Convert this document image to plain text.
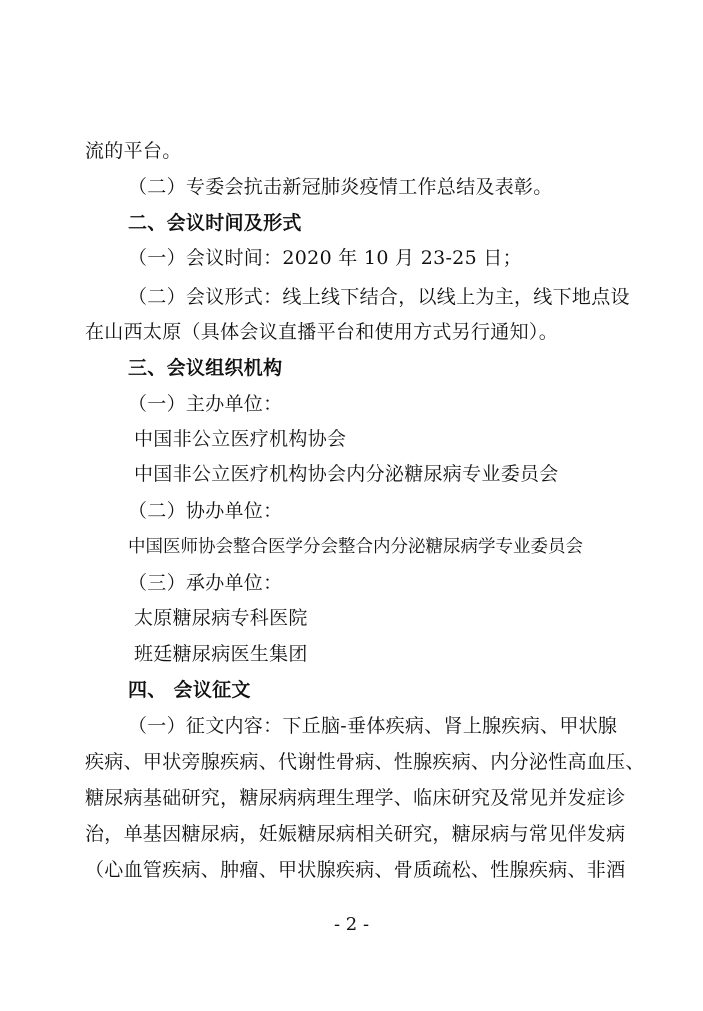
流的平台。
（二）专委会抗击新冠肺炎疫情工作总结及表彰。
二、会议时间及形式
（一）会议时间：2020 年 10 月 23-25 日；
（二）会议形式：线上线下结合，以线上为主，线下地点设
在山西太原（具体会议直播平台和使用方式另行通知）。
三、会议组织机构
（一）主办单位：
中国非公立医疗机构协会
中国非公立医疗机构协会内分泌糖尿病专业委员会
（二）协办单位：
中国医师协会整合医学分会整合内分泌糖尿病学专业委员会
（三）承办单位：
太原糖尿病专科医院
班廷糖尿病医生集团
四、 会议征文
（一）征文内容：下丘脑-垂体疾病、肾上腺疾病、甲状腺
疾病、甲状旁腺疾病、代谢性骨病、性腺疾病、内分泌性高血压、
糖尿病基础研究，糖尿病病理生理学、临床研究及常见并发症诊
治，单基因糖尿病，妊娠糖尿病相关研究，糖尿病与常见伴发病
（心血管疾病、肿瘤、甲状腺疾病、骨质疏松、性腺疾病、非酒
- 2 -
